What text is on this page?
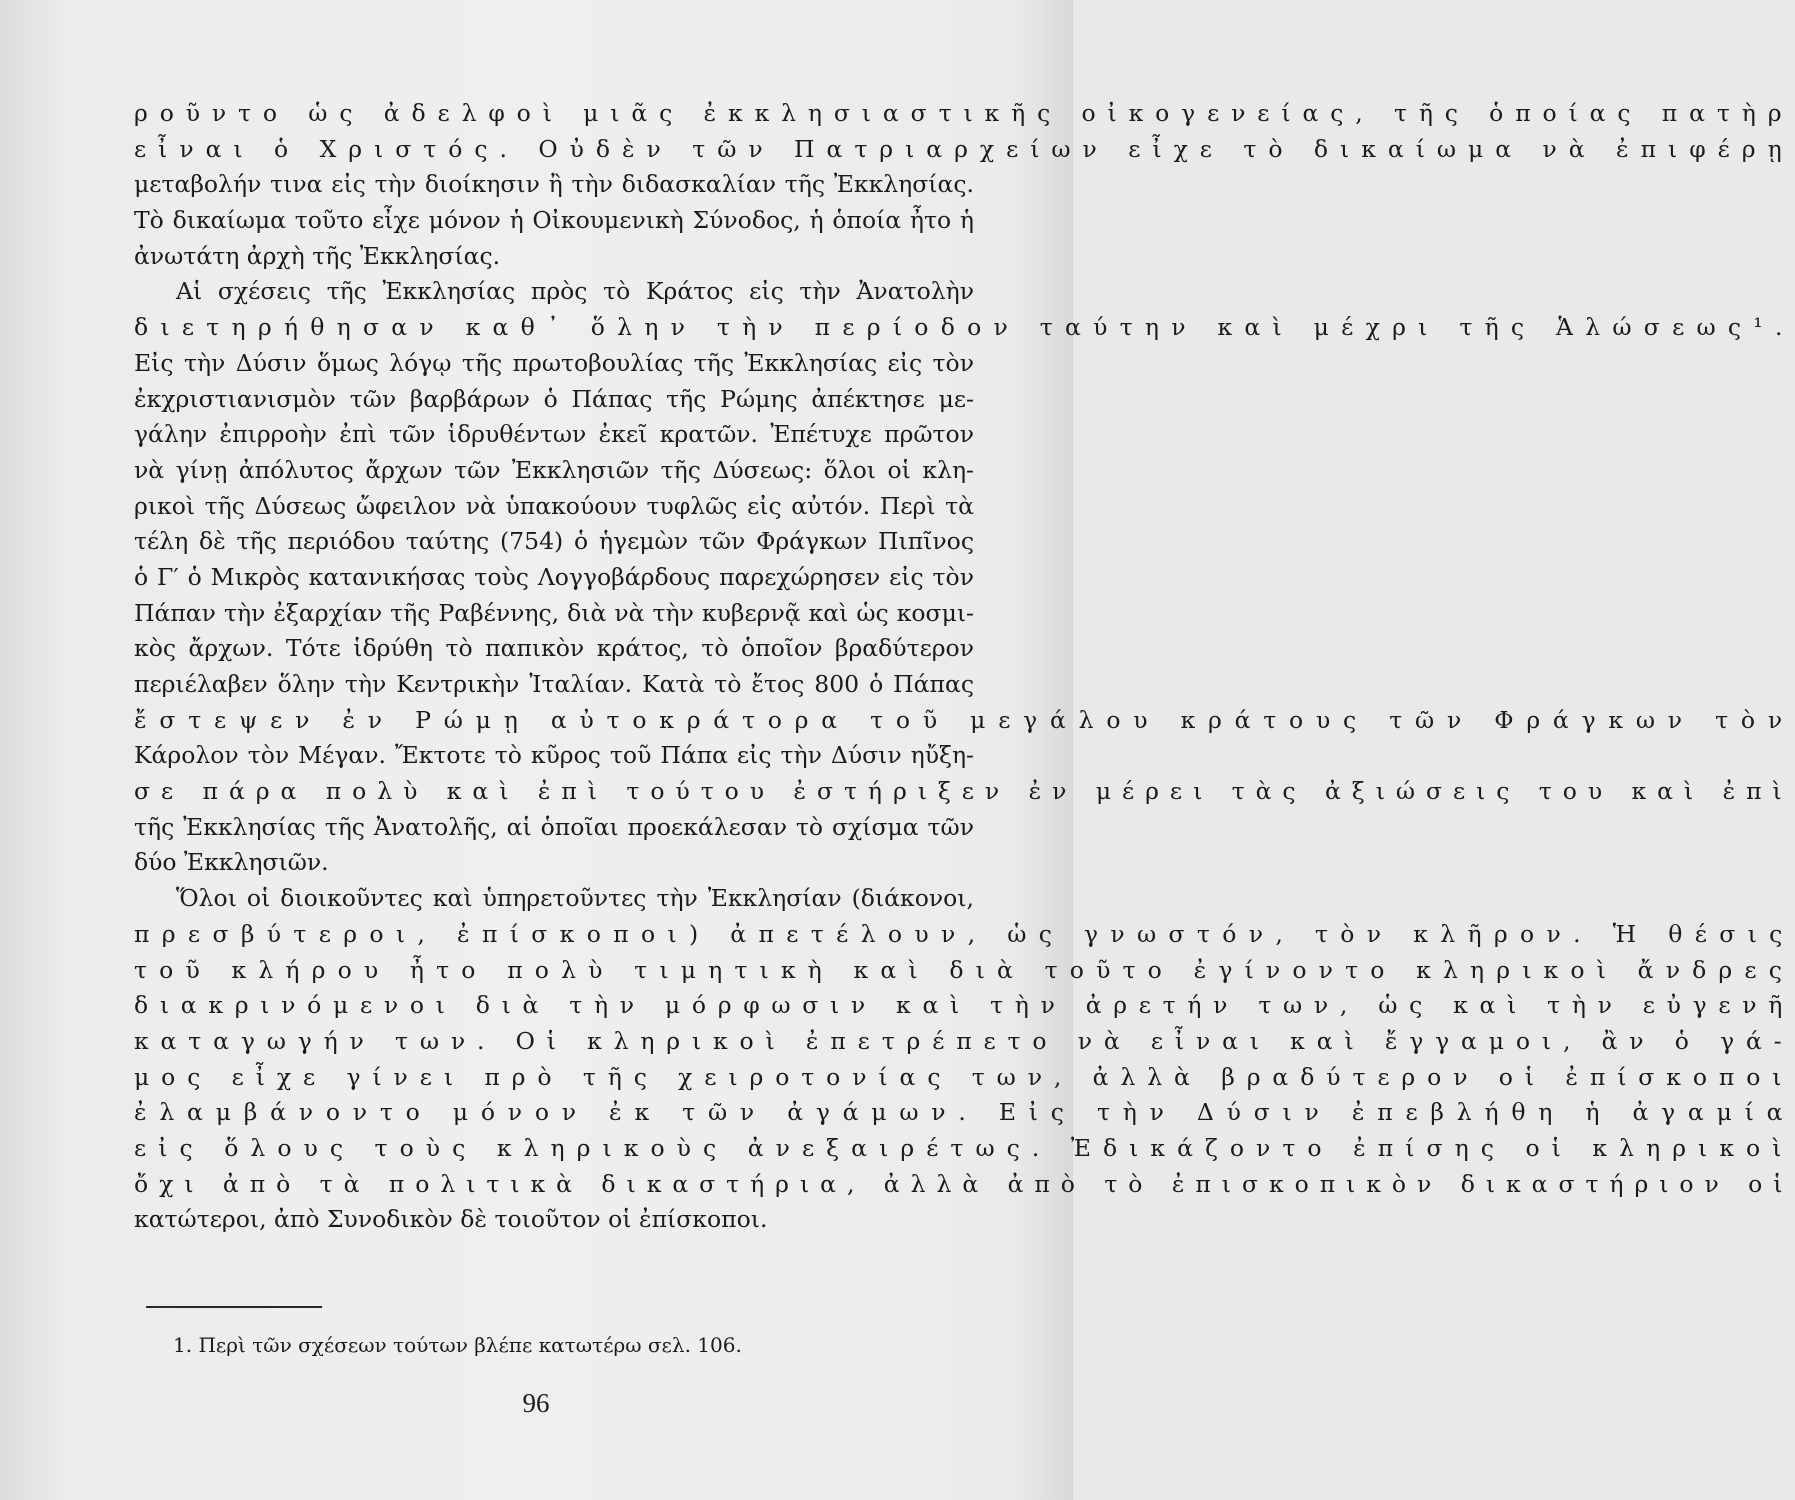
ροῦντο ὡς ἀδελφοὶ μιᾶς ἐκκλησιαστικῆς οἰκογενείας, τῆς ὁποίας πατὴρ
εἶναι ὁ Χριστός. Οὐδὲν τῶν Πατριαρχείων εἶχε τὸ δικαίωμα νὰ ἐπιφέρῃ
μεταβολήν τινα εἰς τὴν διοίκησιν ἢ τὴν διδασκαλίαν τῆς Ἐκκλησίας.
Τὸ δικαίωμα τοῦτο εἶχε μόνον ἡ Οἰκουμενικὴ Σύνοδος, ἡ ὁποία ἦτο ἡ
ἀνωτάτη ἀρχὴ τῆς Ἐκκλησίας.
Αἱ σχέσεις τῆς Ἐκκλησίας πρὸς τὸ Κράτος εἰς τὴν Ἀνατολὴν
διετηρήθησαν καθ᾽ ὅλην τὴν περίοδον ταύτην καὶ μέχρι τῆς Ἁλώσεως¹.
Εἰς τὴν Δύσιν ὅμως λόγῳ τῆς πρωτοβουλίας τῆς Ἐκκλησίας εἰς τὸν
ἐκχριστιανισμὸν τῶν βαρβάρων ὁ Πάπας τῆς Ρώμης ἀπέκτησε με-
γάλην ἐπιρροὴν ἐπὶ τῶν ἱδρυθέντων ἐκεῖ κρατῶν. Ἐπέτυχε πρῶτον
νὰ γίνῃ ἀπόλυτος ἄρχων τῶν Ἐκκλησιῶν τῆς Δύσεως: ὅλοι οἱ κλη-
ρικοὶ τῆς Δύσεως ὤφειλον νὰ ὑπακούουν τυφλῶς εἰς αὐτόν. Περὶ τὰ
τέλη δὲ τῆς περιόδου ταύτης (754) ὁ ἡγεμὼν τῶν Φράγκων Πιπῖνος
ὁ Γ′ ὁ Μικρὸς κατανικήσας τοὺς Λογγοβάρδους παρεχώρησεν εἰς τὸν
Πάπαν τὴν ἐξαρχίαν τῆς Ραβέννης, διὰ νὰ τὴν κυβερνᾷ καὶ ὡς κοσμι-
κὸς ἄρχων. Τότε ἱδρύθη τὸ παπικὸν κράτος, τὸ ὁποῖον βραδύτερον
περιέλαβεν ὅλην τὴν Κεντρικὴν Ἰταλίαν. Κατὰ τὸ ἔτος 800 ὁ Πάπας
ἔστεψεν ἐν Ρώμῃ αὐτοκράτορα τοῦ μεγάλου κράτους τῶν Φράγκων τὸν
Κάρολον τὸν Μέγαν. Ἔκτοτε τὸ κῦρος τοῦ Πάπα εἰς τὴν Δύσιν ηὔξη-
σε πάρα πολὺ καὶ ἐπὶ τούτου ἐστήριξεν ἐν μέρει τὰς ἀξιώσεις του καὶ ἐπὶ
τῆς Ἐκκλησίας τῆς Ἀνατολῆς, αἱ ὁποῖαι προεκάλεσαν τὸ σχίσμα τῶν
δύο Ἐκκλησιῶν.
Ὅλοι οἱ διοικοῦντες καὶ ὑπηρετοῦντες τὴν Ἐκκλησίαν (διάκονοι,
πρεσβύτεροι, ἐπίσκοποι) ἀπετέλουν, ὡς γνωστόν, τὸν κλῆρον. Ἡ θέσις
τοῦ κλήρου ἦτο πολὺ τιμητικὴ καὶ διὰ τοῦτο ἐγίνοντο κληρικοὶ ἄνδρες
διακρινόμενοι διὰ τὴν μόρφωσιν καὶ τὴν ἀρετήν των, ὡς καὶ τὴν εὐγενῆ
καταγωγήν των. Οἱ κληρικοὶ ἐπετρέπετο νὰ εἶναι καὶ ἔγγαμοι, ἂν ὁ γά-
μος εἶχε γίνει πρὸ τῆς χειροτονίας των, ἀλλὰ βραδύτερον οἱ ἐπίσκοποι
ἐλαμβάνοντο μόνον ἐκ τῶν ἀγάμων. Εἰς τὴν Δύσιν ἐπεβλήθη ἡ ἀγαμία
εἰς ὅλους τοὺς κληρικοὺς ἀνεξαιρέτως. Ἐδικάζοντο ἐπίσης οἱ κληρικοὶ
ὄχι ἀπὸ τὰ πολιτικὰ δικαστήρια, ἀλλὰ ἀπὸ τὸ ἐπισκοπικὸν δικαστήριον οἱ
κατώτεροι, ἀπὸ Συνοδικὸν δὲ τοιοῦτον οἱ ἐπίσκοποι.
1. Περὶ τῶν σχέσεων τούτων βλέπε κατωτέρω σελ. 106.
96
